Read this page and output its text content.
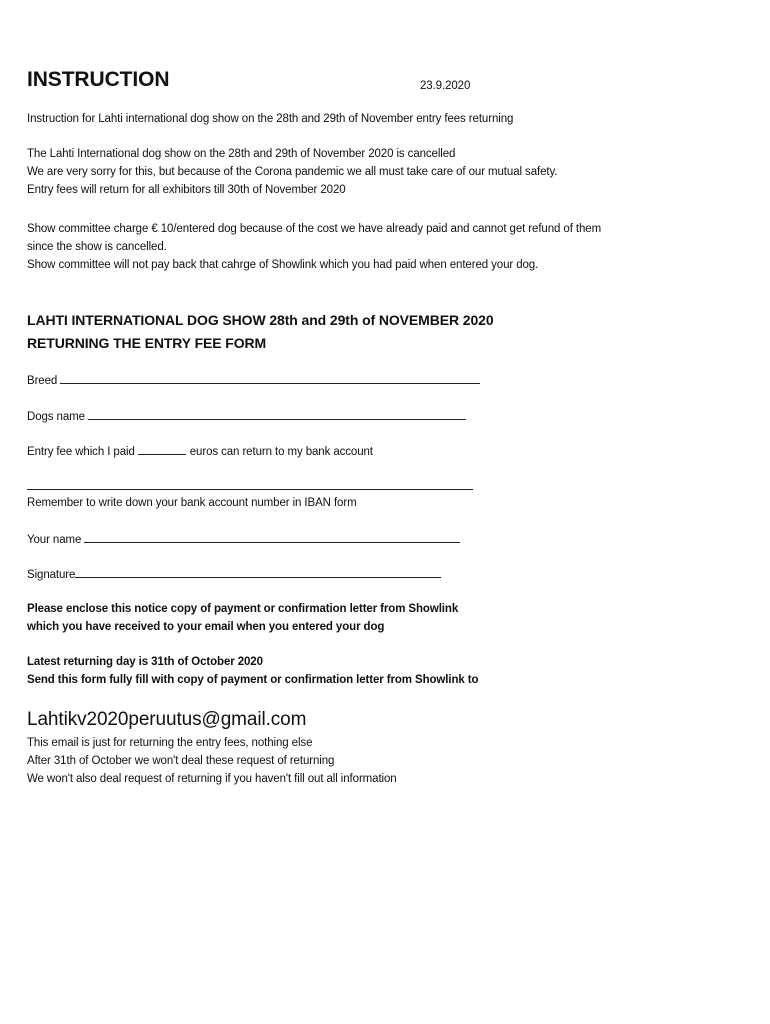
INSTRUCTION	23.9.2020
Instruction for Lahti international dog show on the 28th and 29th of November entry fees returning
The Lahti International dog show on the 28th and 29th of November 2020 is cancelled
We are very sorry for this, but because of the Corona pandemic we all must take care of our mutual safety.
Entry fees will return for all exhibitors till 30th of November 2020
Show committee charge € 10/entered dog because of the cost we have already paid and cannot get refund of them
since the show is cancelled.
Show committee will not pay back that cahrge of Showlink which you had paid when entered your dog.
LAHTI INTERNATIONAL DOG SHOW 28th and 29th of NOVEMBER 2020
RETURNING THE ENTRY FEE FORM
Breed
Dogs name
Entry fee which I paid	euros can return to my bank account
Remember to write down your bank account number in IBAN form
Your name
Signature
Please enclose this notice copy of payment or confirmation letter from Showlink
which you have received to your email when you entered your dog
Latest returning day is 31th of October 2020
Send this form fully fill with copy of payment or confirmation letter from Showlink to
Lahtikv2020peruutus@gmail.com
This email is just for returning the entry fees, nothing else
After 31th of October we won't deal these request of returning
We won't also deal request of returning if you haven't fill out all information
